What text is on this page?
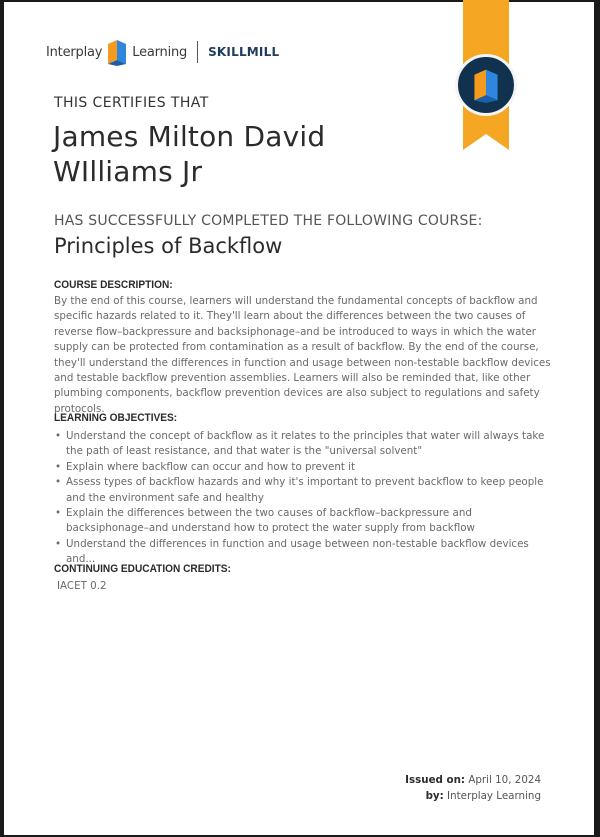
Interplay Learning SKILLMILL
THIS CERTIFIES THAT
James Milton David
WIlliams Jr
HAS SUCCESSFULLY COMPLETED THE FOLLOWING COURSE:
Principles of Backflow
COURSE DESCRIPTION:

By the end of this course, learners will understand the fundamental concepts of backflow and specific hazards related to it. They'll learn about the differences between the two causes of reverse flow–backpressure and backsiphonage–and be introduced to ways in which the water supply can be protected from contamination as a result of backflow. By the end of the course, they'll understand the differences in function and usage between non-testable backflow devices and testable backflow prevention assemblies. Learners will also be reminded that, like other plumbing components, backflow prevention devices are also subject to regulations and safety protocols.

LEARNING OBJECTIVES:
• Understand the concept of backflow as it relates to the principles that water will always take the path of least resistance, and that water is the "universal solvent"
• Explain where backflow can occur and how to prevent it
• Assess types of backflow hazards and why it's important to prevent backflow to keep people and the environment safe and healthy
• Explain the differences between the two causes of backflow–backpressure and backsiphonage–and understand how to protect the water supply from backflow
• Understand the differences in function and usage between non-testable backflow devices and...
CONTINUING EDUCATION CREDITS:
IACET 0.2
Issued on: April 10, 2024
by: Interplay Learning
